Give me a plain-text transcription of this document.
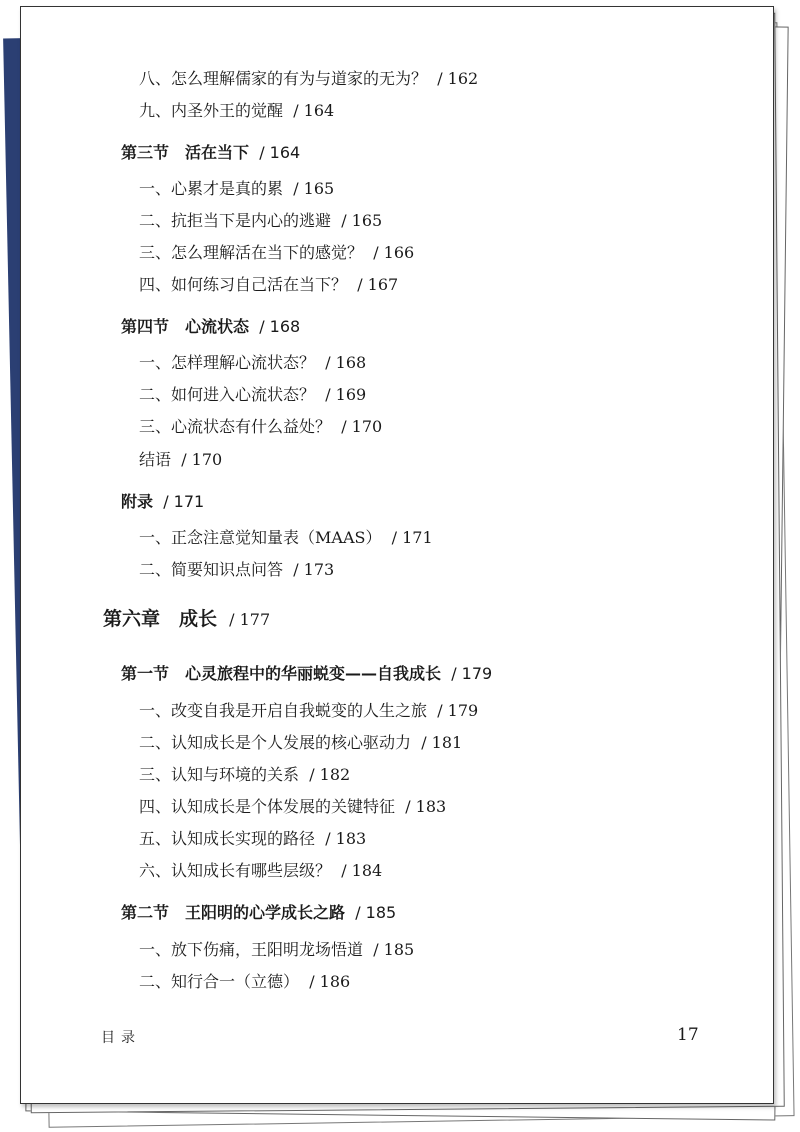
八、怎么理解儒家的有为与道家的无为？ / 162
九、内圣外王的觉醒 / 164
第三节　活在当下 / 164
一、心累才是真的累 / 165
二、抗拒当下是内心的逃避 / 165
三、怎么理解活在当下的感觉？ / 166
四、如何练习自己活在当下？ / 167
第四节　心流状态 / 168
一、怎样理解心流状态？ / 168
二、如何进入心流状态？ / 169
三、心流状态有什么益处？ / 170
结语 / 170
附录 / 171
一、正念注意觉知量表（MAAS） / 171
二、简要知识点问答 / 173
第六章　成长 / 177
第一节　心灵旅程中的华丽蜕变——自我成长 / 179
一、改变自我是开启自我蜕变的人生之旅 / 179
二、认知成长是个人发展的核心驱动力 / 181
三、认知与环境的关系 / 182
四、认知成长是个体发展的关键特征 / 183
五、认知成长实现的路径 / 183
六、认知成长有哪些层级？ / 184
第二节　王阳明的心学成长之路 / 185
一、放下伤痛，王阳明龙场悟道 / 185
二、知行合一（立德） / 186
目录	17
